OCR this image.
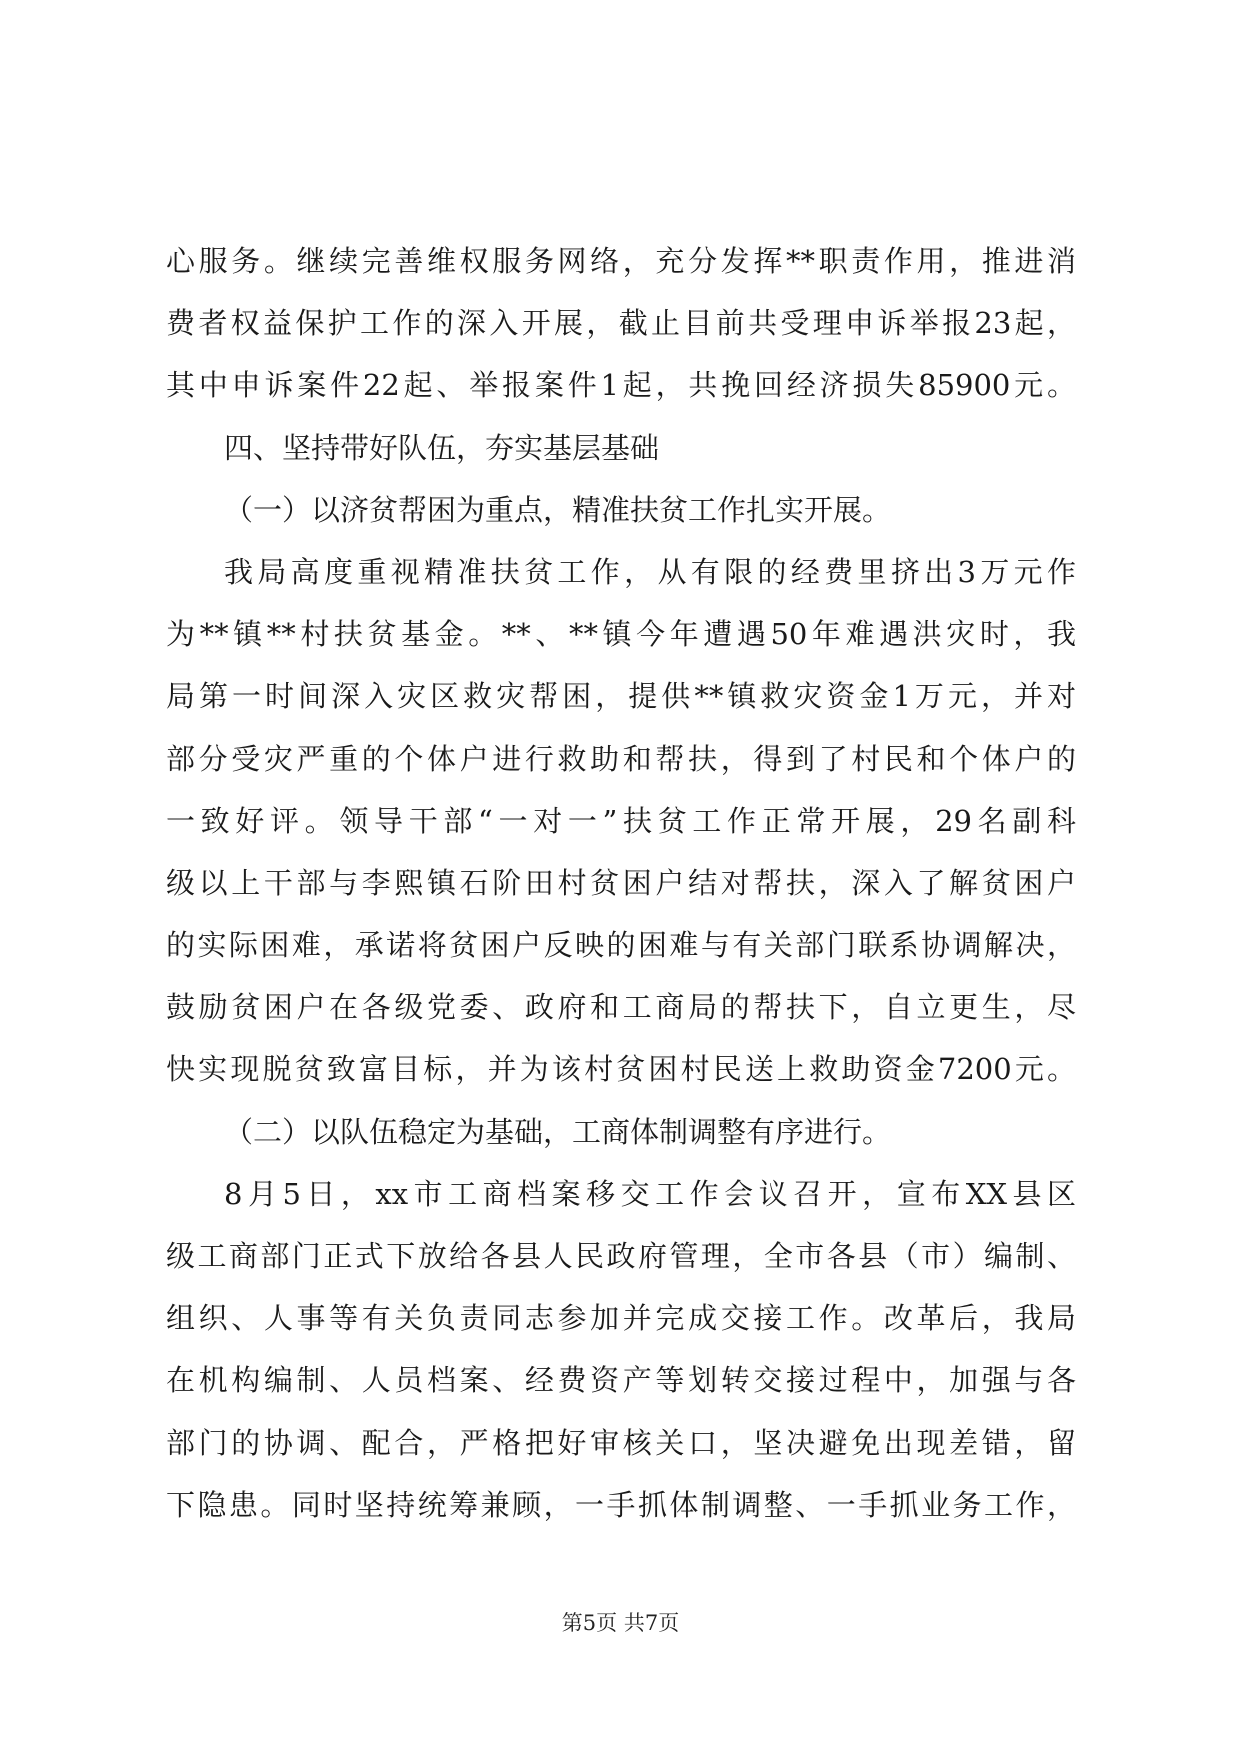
心服务。继续完善维权服务网络，充分发挥**职责作用，推进消
费者权益保护工作的深入开展，截止目前共受理申诉举报23起，
其中申诉案件22起、举报案件1起，共挽回经济损失85900元。
四、坚持带好队伍，夯实基层基础
（一）以济贫帮困为重点，精准扶贫工作扎实开展。
我局高度重视精准扶贫工作，从有限的经费里挤出3万元作
为**镇**村扶贫基金。**、**镇今年遭遇50年难遇洪灾时，我
局第一时间深入灾区救灾帮困，提供**镇救灾资金1万元，并对
部分受灾严重的个体户进行救助和帮扶，得到了村民和个体户的
一致好评。领导干部“一对一”扶贫工作正常开展，29名副科
级以上干部与李熙镇石阶田村贫困户结对帮扶，深入了解贫困户
的实际困难，承诺将贫困户反映的困难与有关部门联系协调解决，
鼓励贫困户在各级党委、政府和工商局的帮扶下，自立更生，尽
快实现脱贫致富目标，并为该村贫困村民送上救助资金7200元。
（二）以队伍稳定为基础，工商体制调整有序进行。
8月5日，xx市工商档案移交工作会议召开，宣布XX县区
级工商部门正式下放给各县人民政府管理，全市各县（市）编制、
组织、人事等有关负责同志参加并完成交接工作。改革后，我局
在机构编制、人员档案、经费资产等划转交接过程中，加强与各
部门的协调、配合，严格把好审核关口，坚决避免出现差错，留
下隐患。同时坚持统筹兼顾，一手抓体制调整、一手抓业务工作，
第5页 共7页
